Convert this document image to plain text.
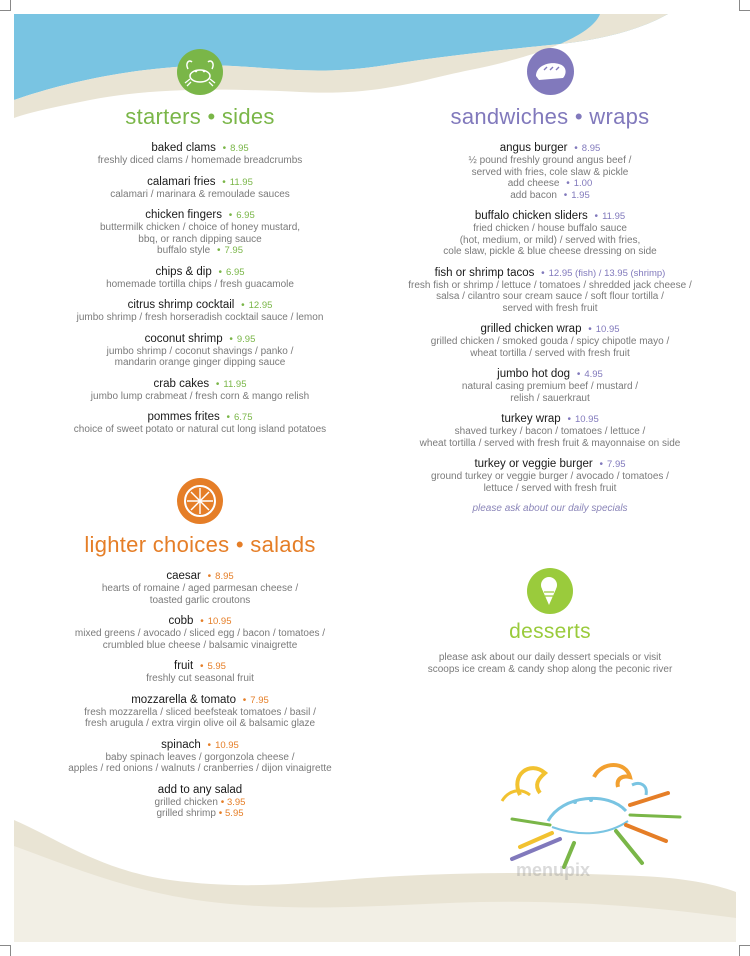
starters • sides
baked clams • 8.95
freshly diced clams / homemade breadcrumbs
calamari fries • 11.95
calamari / marinara & remoulade sauces
chicken fingers • 6.95
buttermilk chicken / choice of honey mustard,
bbq, or ranch dipping sauce
buffalo style • 7.95
chips & dip • 6.95
homemade tortilla chips / fresh guacamole
citrus shrimp cocktail • 12.95
jumbo shrimp / fresh horseradish cocktail sauce / lemon
coconut shrimp • 9.95
jumbo shrimp / coconut shavings / panko /
mandarin orange ginger dipping sauce
crab cakes • 11.95
jumbo lump crabmeat / fresh corn & mango relish
pommes frites • 6.75
choice of sweet potato or natural cut long island potatoes
lighter choices • salads
caesar • 8.95
hearts of romaine / aged parmesan cheese /
toasted garlic croutons
cobb • 10.95
mixed greens / avocado / sliced egg / bacon / tomatoes /
crumbled blue cheese / balsamic vinaigrette
fruit • 5.95
freshly cut seasonal fruit
mozzarella & tomato • 7.95
fresh mozzarella / sliced beefsteak tomatoes / basil /
fresh arugula / extra virgin olive oil & balsamic glaze
spinach • 10.95
baby spinach leaves / gorgonzola cheese /
apples / red onions / walnuts / cranberries / dijon vinaigrette
add to any salad
grilled chicken • 3.95
grilled shrimp • 5.95
sandwiches • wraps
angus burger • 8.95
½ pound freshly ground angus beef /
served with fries, cole slaw & pickle
add cheese • 1.00
add bacon • 1.95
buffalo chicken sliders • 11.95
fried chicken / house buffalo sauce
(hot, medium, or mild) / served with fries,
cole slaw, pickle & blue cheese dressing on side
fish or shrimp tacos • 12.95 (fish) / 13.95 (shrimp)
fresh fish or shrimp / lettuce / tomatoes / shredded jack cheese /
salsa / cilantro sour cream sauce / soft flour tortilla /
served with fresh fruit
grilled chicken wrap • 10.95
grilled chicken / smoked gouda / spicy chipotle mayo /
wheat tortilla / served with fresh fruit
jumbo hot dog • 4.95
natural casing premium beef / mustard /
relish / sauerkraut
turkey wrap • 10.95
shaved turkey / bacon / tomatoes / lettuce /
wheat tortilla / served with fresh fruit & mayonnaise on side
turkey or veggie burger • 7.95
ground turkey or veggie burger / avocado / tomatoes /
lettuce / served with fresh fruit
please ask about our daily specials
desserts
please ask about our daily dessert specials or visit
scoops ice cream & candy shop along the peconic river
menupix
